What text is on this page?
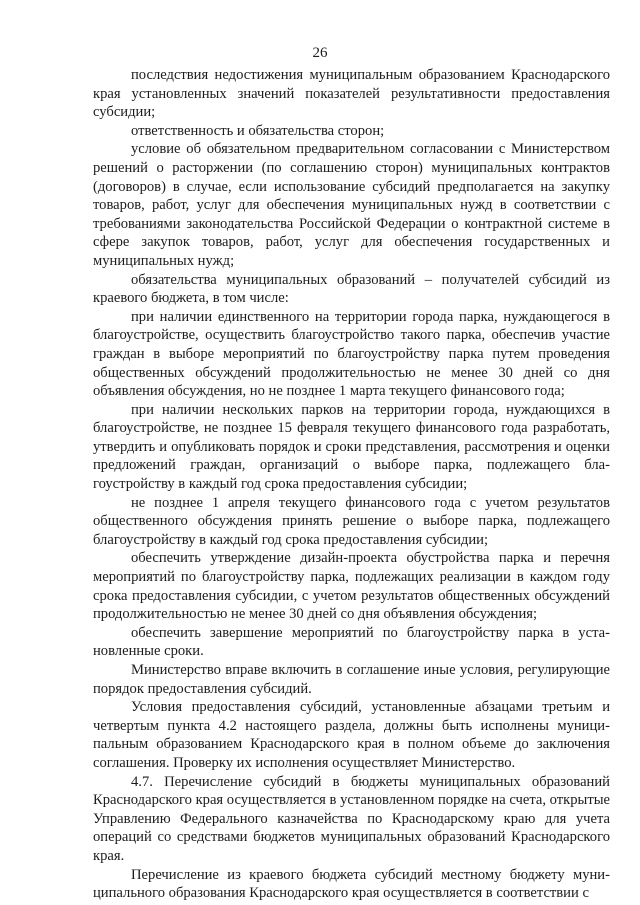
26

последствия недостижения муниципальным образованием Краснодарского края установленных значений показателей результативности предоставления субсидии;

ответственность и обязательства сторон;

условие об обязательном предварительном согласовании с Министерством решений о расторжении (по соглашению сторон) муниципальных контрактов (договоров) в случае, если использование субсидий предполагается на закупку товаров, работ, услуг для обеспечения муниципальных нужд в соответствии с требованиями законодательства Российской Федерации о контрактной системе в сфере закупок товаров, работ, услуг для обеспечения государственных и муниципальных нужд;

обязательства муниципальных образований – получателей субсидий из краевого бюджета, в том числе:

при наличии единственного на территории города парка, нуждающегося в благоустройстве, осуществить благоустройство такого парка, обеспечив участие граждан в выборе мероприятий по благоустройству парка путем проведения общественных обсуждений продолжительностью не менее 30 дней со дня объявления обсуждения, но не позднее 1 марта текущего финансового года;

при наличии нескольких парков на территории города, нуждающихся в благоустройстве, не позднее 15 февраля текущего финансового года разработать, утвердить и опубликовать порядок и сроки представления, рассмотрения и оценки предложений граждан, организаций о выборе парка, подлежащего благоустройству в каждый год срока предоставления субсидии;

не позднее 1 апреля текущего финансового года с учетом результатов общественного обсуждения принять решение о выборе парка, подлежащего благоустройству в каждый год срока предоставления субсидии;

обеспечить утверждение дизайн-проекта обустройства парка и перечня мероприятий по благоустройству парка, подлежащих реализации в каждом году срока предоставления субсидии, с учетом результатов общественных обсуждений продолжительностью не менее 30 дней со дня объявления обсуждения;

обеспечить завершение мероприятий по благоустройству парка в установленные сроки.

Министерство вправе включить в соглашение иные условия, регулирующие порядок предоставления субсидий.

Условия предоставления субсидий, установленные абзацами третьим и четвертым пункта 4.2 настоящего раздела, должны быть исполнены муниципальным образованием Краснодарского края в полном объеме до заключения соглашения. Проверку их исполнения осуществляет Министерство.

4.7. Перечисление субсидий в бюджеты муниципальных образований Краснодарского края осуществляется в установленном порядке на счета, открытые Управлению Федерального казначейства по Краснодарскому краю для учета операций со средствами бюджетов муниципальных образований Краснодарского края.

Перечисление из краевого бюджета субсидий местному бюджету муниципального образования Краснодарского края осуществляется в соответствии с
